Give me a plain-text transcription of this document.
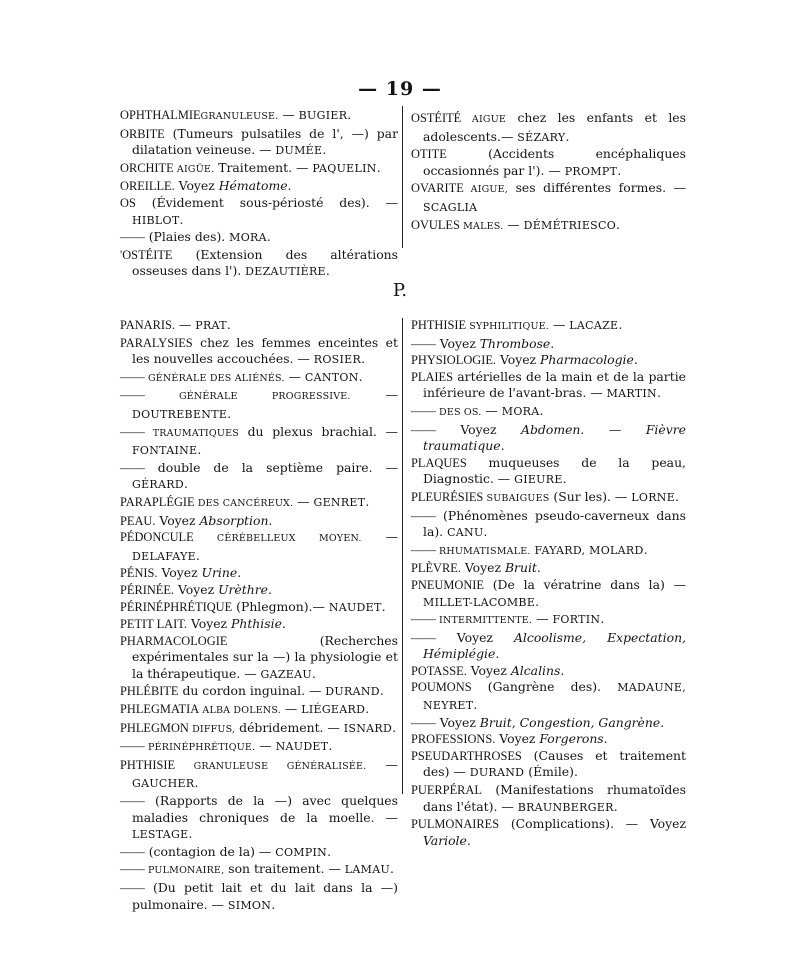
— 19 —

OPHTHALMIEGRANULEUSE. — BUGIER.

ORBITE (Tumeurs pulsatiles de l', —) par dilatation veineuse. — DUMÉE.

ORCHITE AIGÜE. Traitement. — PAQUELIN.

OREILLE. Voyez Hématome.

OS (Évidement sous-périosté des). — HIBLOT.

—— (Plaies des). MORA.

'OSTÉITE (Extension des altérations osseuses dans l'). DEZAUTIÈRE.

OSTÉITÉ AIGUE chez les enfants et les adolescents.— SÉZARY.

OTITE (Accidents encéphaliques occasionnés par l'). — PROMPT.

OVARITE AIGUE, ses différentes formes. — SCAGLIA

OVULES MALES. — DÉMÉTRIESCO.

P.

PANARIS. — PRAT.

PARALYSIES chez les femmes enceintes et les nouvelles accouchées. — ROSIER.

—— GÉNÉRALE DES ALIÉNÉS. — CANTON.

—— GÉNÉRALE PROGRESSIVE. — DOUTREBENTE.

—— TRAUMATIQUES du plexus brachial. — FONTAINE.

—— double de la septième paire. — GÉRARD.

PARAPLÉGIE DES CANCÉREUX. — GENRET.

PEAU. Voyez Absorption.

PÉDONCULE CÉRÉBELLEUX MOYEN. — DELAFAYE.

PÉNIS. Voyez Urine.

PÉRINÉE. Voyez Urèthre.

PÉRINÉPHRÉTIQUE (Phlegmon).— NAUDET.

PETIT LAIT. Voyez Phthisie.

PHARMACOLOGIE (Recherches expérimentales sur la —) la physiologie et la thérapeutique. — GAZEAU.

PHLÉBITE du cordon inguinal. — DURAND.

PHLEGMATIA ALBA DOLENS. — LIÉGEARD.

PHLEGMON DIFFUS, débridement. — ISNARD.

—— PÉRINÉPHRÉTIQUE. — NAUDET.

PHTHISIE GRANULEUSE GÉNÉRALISÉE. — GAUCHER.

—— (Rapports de la —) avec quelques maladies chroniques de la moelle. — LESTAGE.

—— (contagion de la) — COMPIN.

—— PULMONAIRE, son traitement. — LAMAU.

—— (Du petit lait et du lait dans la —) pulmonaire. — SIMON.

PHTHISIE SYPHILITIQUE. — LACAZE.

—— Voyez Thrombose.

PHYSIOLOGIE. Voyez Pharmacologie.

PLAIES artérielles de la main et de la partie inférieure de l'avant-bras. — MARTIN.

—— DES OS. — MORA.

—— Voyez Abdomen. — Fièvre traumatique.

PLAQUES muqueuses de la peau, Diagnostic. — GIEURE.

PLEURÉSIES SUBAIGUES (Sur les). — LORNE.

—— (Phénomènes pseudo-caverneux dans la). CANU.

—— RHUMATISMALE. FAYARD, MOLARD.

PLÈVRE. Voyez Bruit.

PNEUMONIE (De la vératrine dans la) — MILLET-LACOMBE.

—— INTERMITTENTE. — FORTIN.

—— Voyez Alcoolisme, Expectation, Hémiplégie.

POTASSE. Voyez Alcalins.

POUMONS (Gangrène des). MADAUNE, NEYRET.

—— Voyez Bruit, Congestion, Gangrène.

PROFESSIONS. Voyez Forgerons.

PSEUDARTHROSES (Causes et traitement des) — DURAND (Émile).

PUERPÉRAL (Manifestations rhumatoïdes dans l'état). — BRAUNBERGER.

PULMONAIRES (Complications). — Voyez Variole.
